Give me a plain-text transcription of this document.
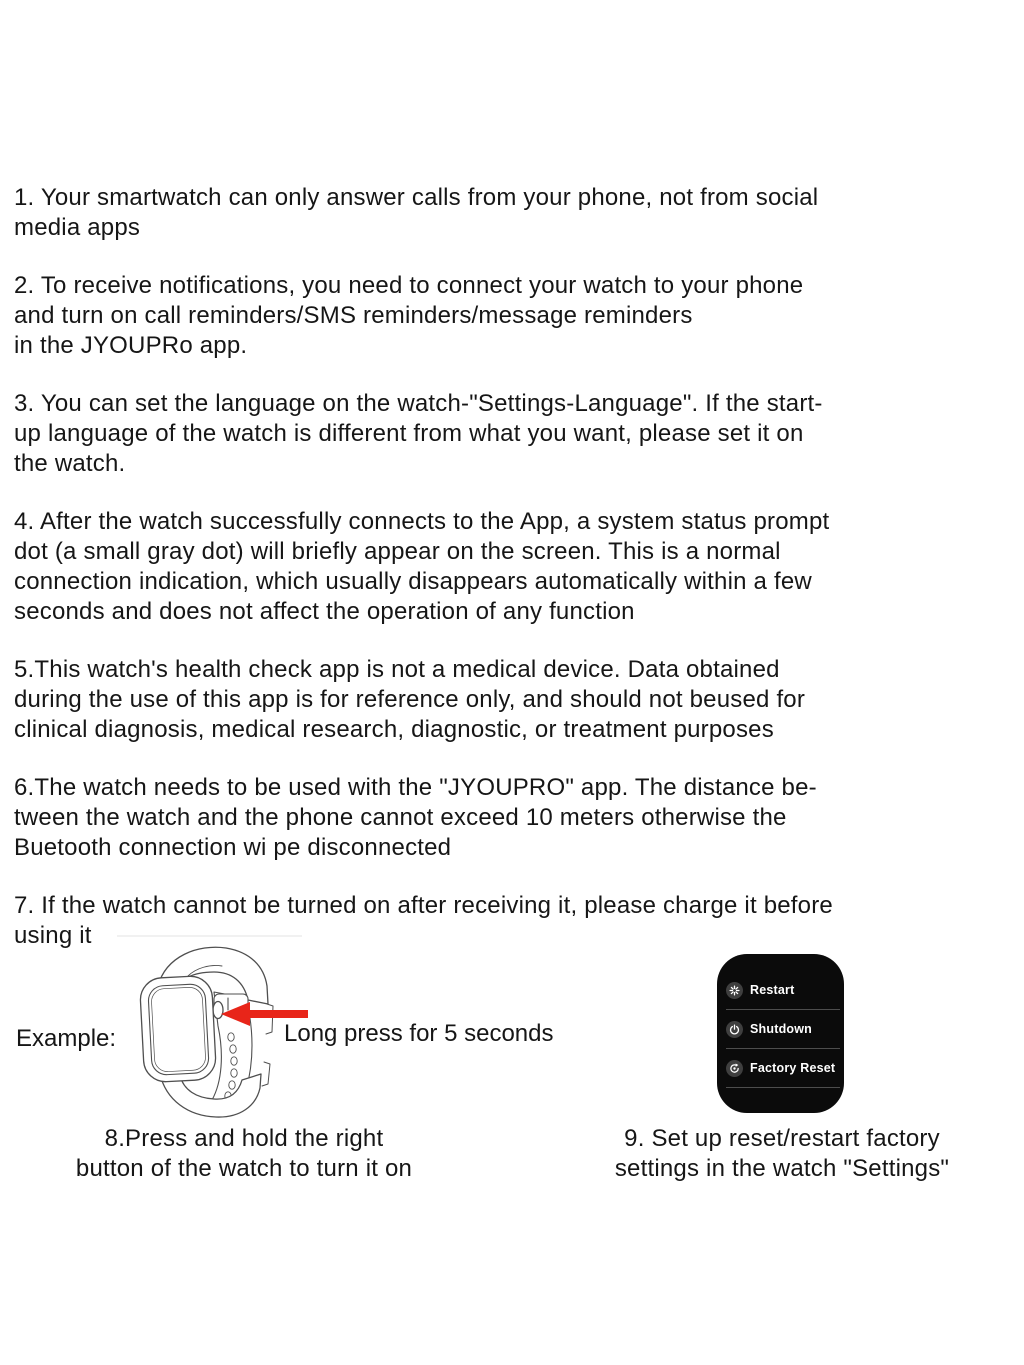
1. Your smartwatch can only answer calls from your phone, not from social
media apps

2. To receive notifications, you need to connect your watch to your phone
and turn on call reminders/SMS reminders/message reminders
in the JYOUPRo app.

3. You can set the language on the watch-"Settings-Language". If the start-
up language of the watch is different from what you want, please set it on
the watch.

4. After the watch successfully connects to the App, a system status prompt
dot (a small gray dot) will briefly appear on the screen. This is a normal
connection indication, which usually disappears automatically within a few
seconds and does not affect the operation of any function

5.This watch's health check app is not a medical device. Data obtained
during the use of this app is for reference only, and should not beused for
clinical diagnosis, medical research, diagnostic, or treatment purposes

6.The watch needs to be used with the "JYOUPRO" app. The distance be-
tween the watch and the phone cannot exceed 10 meters otherwise the
Buetooth connection wi pe disconnected

7. If the watch cannot be turned on after receiving it, please charge it before
using it

Example:	Long press for 5 seconds
Restart
Shutdown
Factory Reset
8.Press and hold the right
button of the watch to turn it on
9. Set up reset/restart factory
settings in the watch "Settings"
